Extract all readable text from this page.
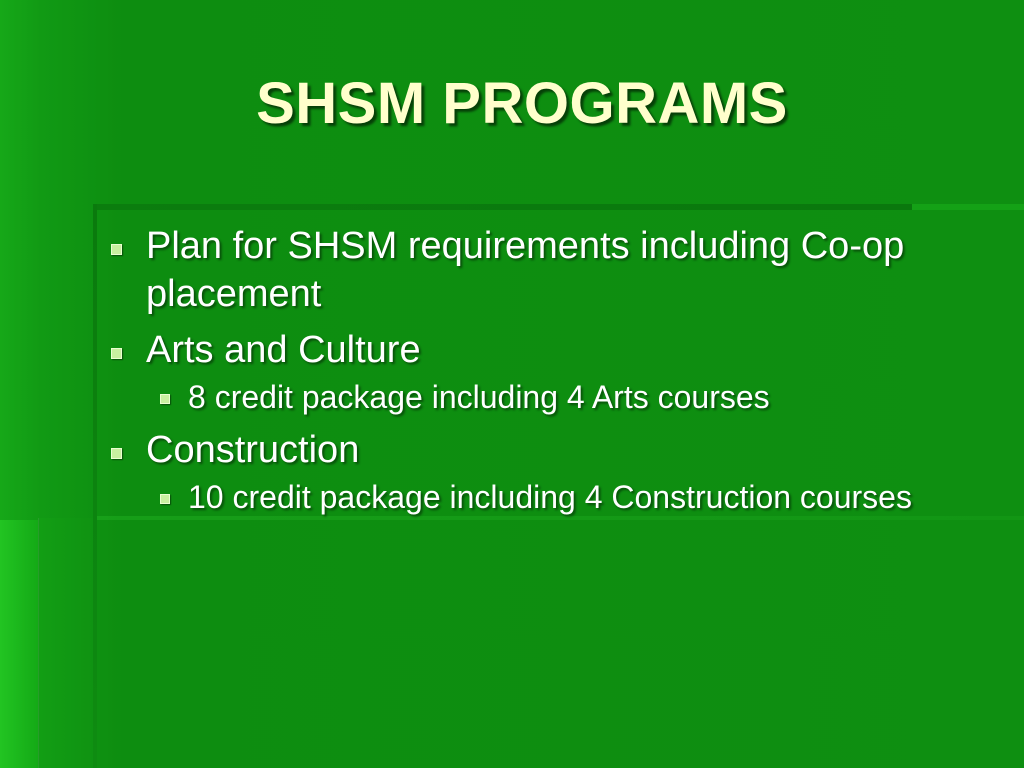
SHSM PROGRAMS
Plan for SHSM requirements including Co-op placement
Arts and Culture
8 credit package including 4 Arts courses
Construction
10 credit package including 4 Construction courses
